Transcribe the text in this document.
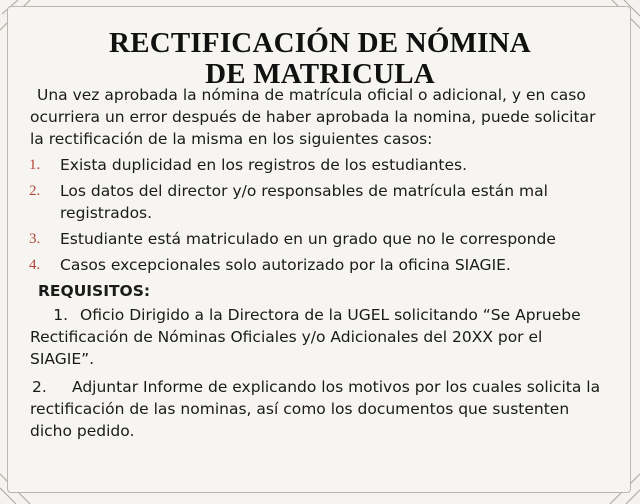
RECTIFICACIÓN DE NÓMINA DE MATRICULA

Una vez aprobada la nómina de matrícula oficial o adicional, y en caso ocurriera un error después de haber aprobada la nomina, puede solicitar la rectificación de la misma en los siguientes casos:

1. Exista duplicidad en los registros de los estudiantes.
2. Los datos del director y/o responsables de matrícula están mal registrados.
3. Estudiante está matriculado en un grado que no le corresponde
4. Casos excepcionales solo autorizado por la oficina SIAGIE.
REQUISITOS:
1. Oficio Dirigido a la Directora de la UGEL solicitando “Se Apruebe Rectificación de Nóminas Oficiales y/o Adicionales del 20XX por el SIAGIE”.
2. Adjuntar Informe de explicando los motivos por los cuales solicita la rectificación de las nominas, así como los documentos que sustenten dicho pedido.
